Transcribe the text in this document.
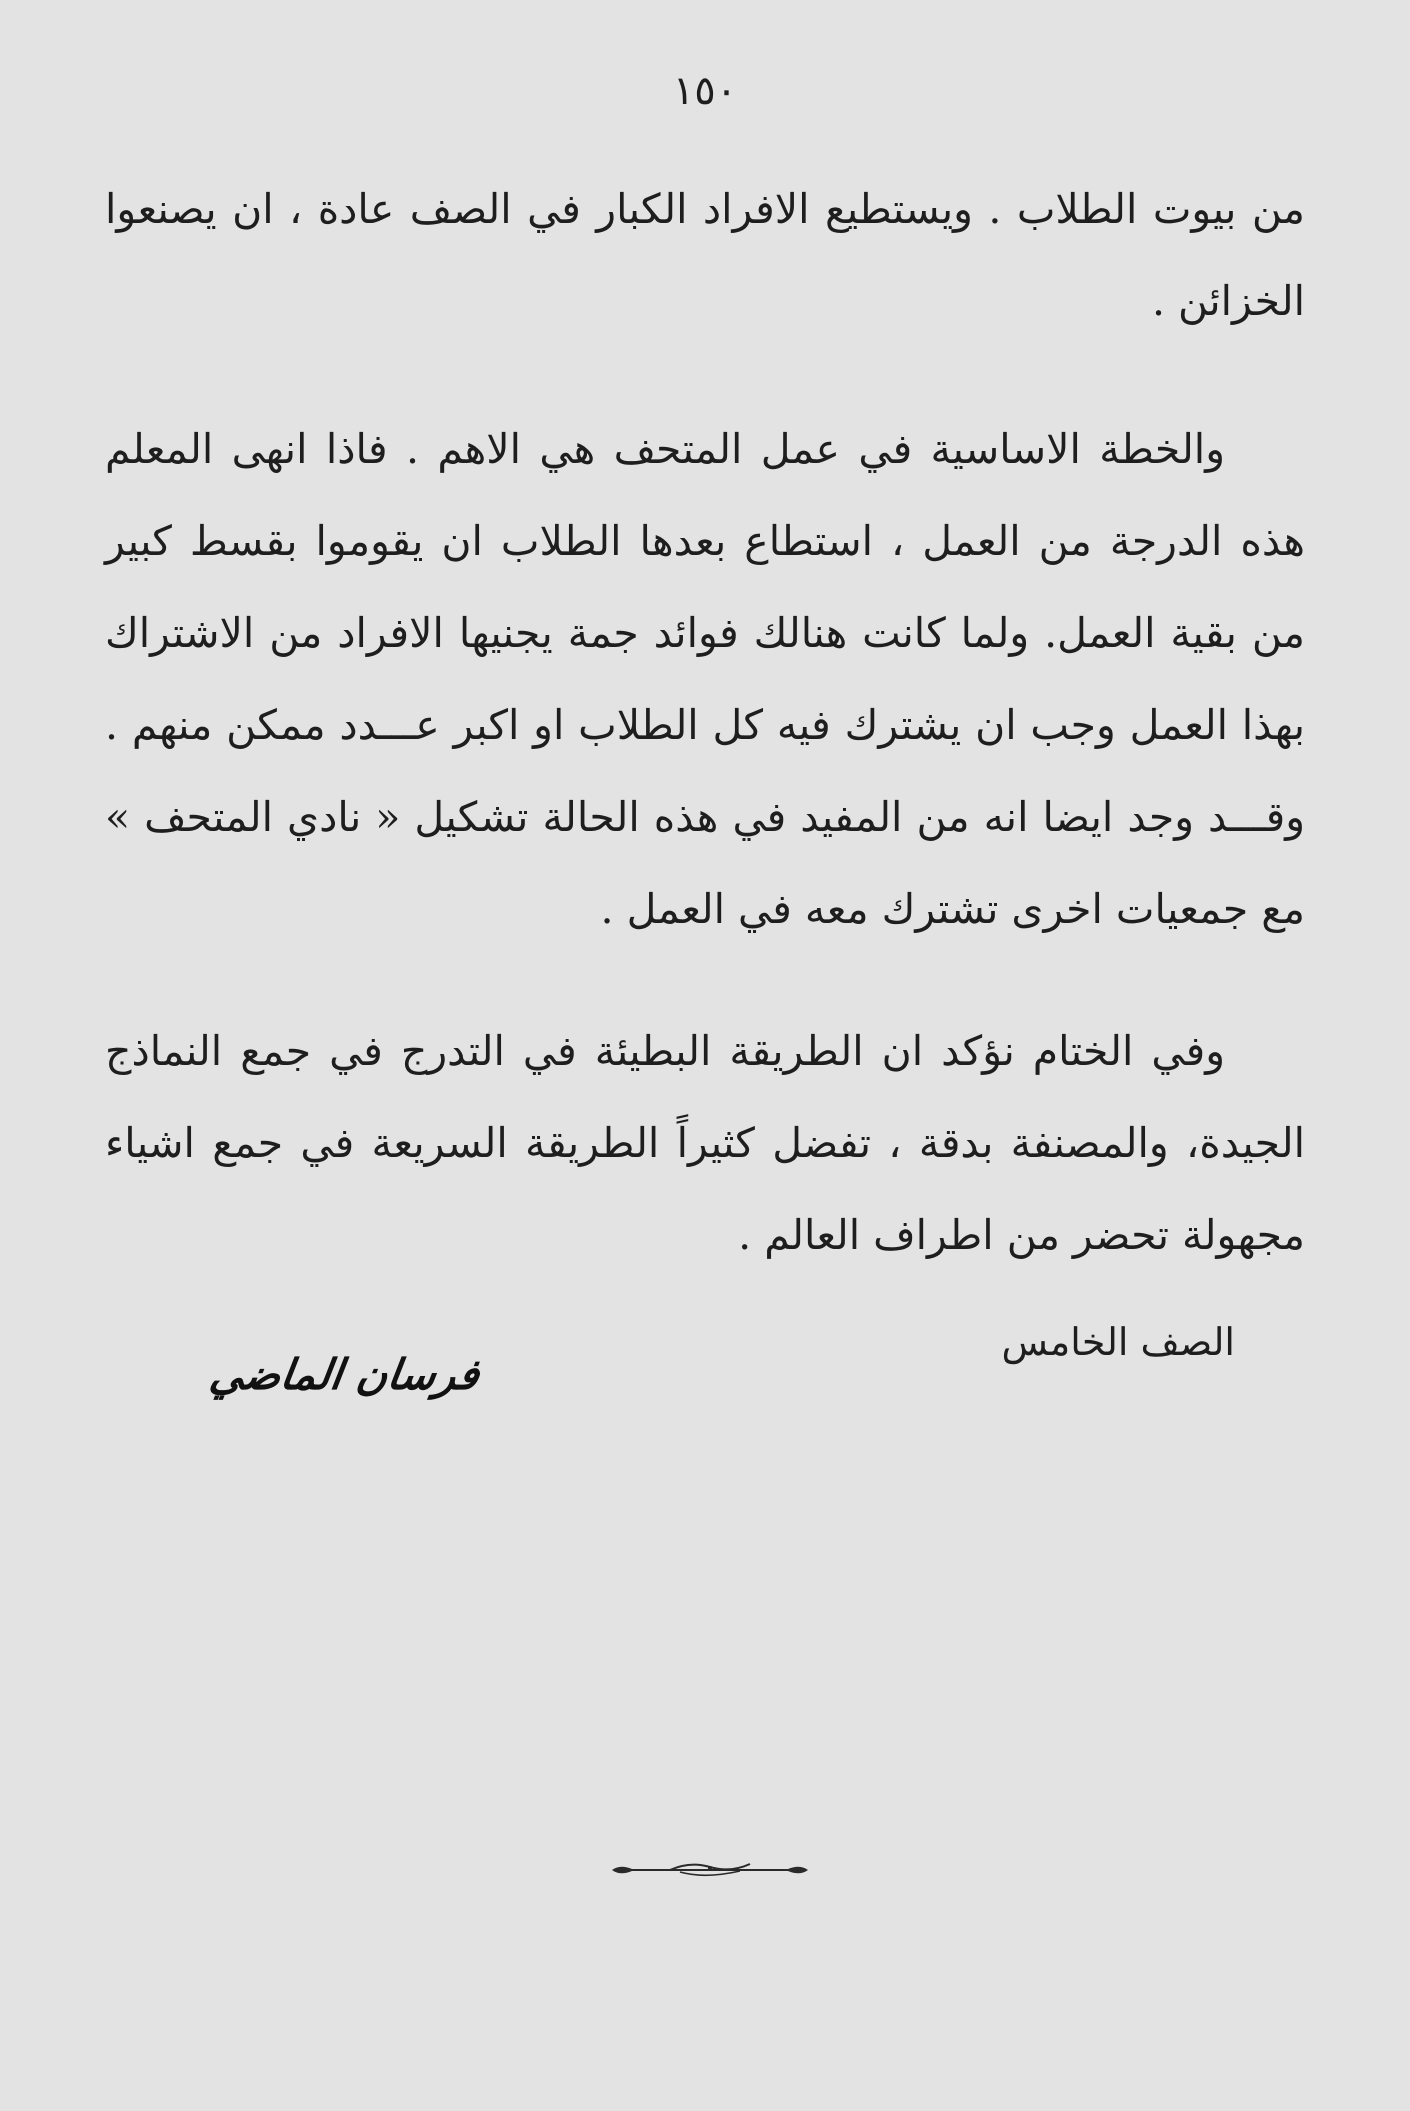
١٥٠

من بيوت الطلاب . ويستطيع الافراد الكبار في الصف عادة ، ان يصنعوا الخزائن .

والخطة الاساسية في عمل المتحف هي الاهم . فاذا انهى المعلم هذه الدرجة من العمل ، استطاع بعدها الطلاب ان يقوموا بقسط كبير من بقية العمل. ولما كانت هنالك فوائد جمة يجنيها الافراد من الاشتراك بهذا العمل وجب ان يشترك فيه كل الطلاب او اكبر عـــدد ممكن منهم . وقـــد وجد ايضا انه من المفيد في هذه الحالة تشكيل « نادي المتحف » مع جمعيات اخرى تشترك معه في العمل .

وفي الختام نؤكد ان الطريقة البطيئة في التدرج في جمع النماذج الجيدة، والمصنفة بدقة ، تفضل كثيراً الطريقة السريعة في جمع اشياء مجهولة تحضر من اطراف العالم .

الصف الخامس
فرسان الماضي
